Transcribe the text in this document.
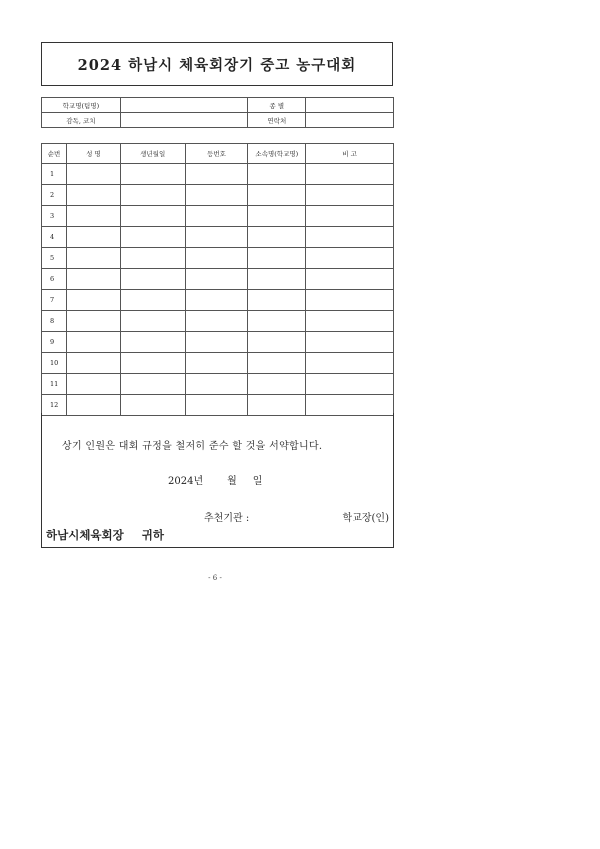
2024 하남시 체육회장기 중고 농구대회
학교명(팀명)		종 별	
감독, 코치		연락처	
순번	성 명	생년월일	등번호	소속명(학교명)	비 고
1					
2					
3					
4					
5					
6					
7					
8					
9					
10					
11					
12					
상기 인원은 대회 규정을 철저히 준수 할 것을 서약합니다.
2024년 월 일
추천기관 :	학교장(인)
하남시체육회장 귀하
- 6 -
